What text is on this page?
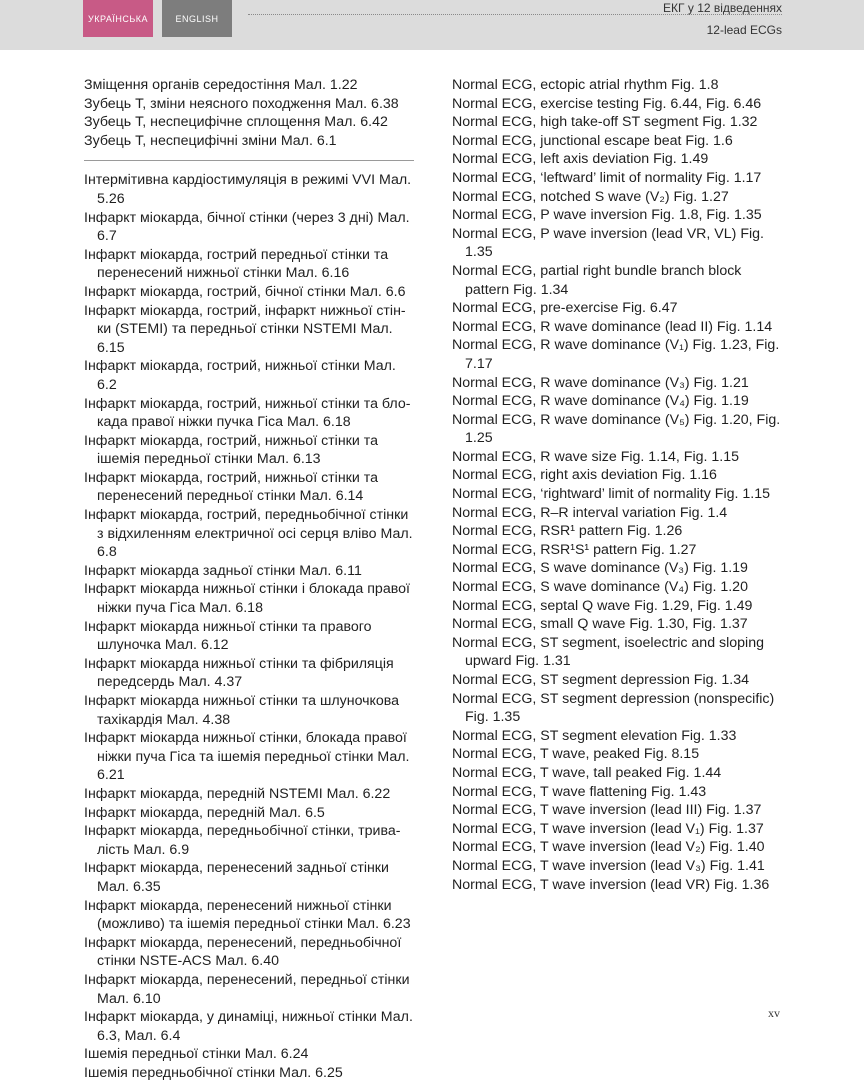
УКРАЇНСЬКА	ENGLISH
ЕКГ у 12 відведеннях
12-lead ECGs

Зміщення органів середостіння Мал. 1.22

Зубець Т, зміни неясного походження Мал. 6.38

Зубець Т, неспецифічне сплощення Мал. 6.42

Зубець Т, неспецифічні зміни Мал. 6.1

Інтермітивна кардіостимуляція в режимі VVI Мал. 5.26

Інфаркт міокарда, бічної стінки (через 3 дні) Мал. 6.7

Інфаркт міокарда, гострий передньої стінки та перенесений нижньої стінки Мал. 6.16

Інфаркт міокарда, гострий, бічної стінки Мал. 6.6

Інфаркт міокарда, гострий, інфаркт нижньої стін-ки (STEMI) та передньої стінки NSTEMI Мал. 6.15

Інфаркт міокарда, гострий, нижньої стінки Мал. 6.2

Інфаркт міокарда, гострий, нижньої стінки та бло-када правої ніжки пучка Гіса Мал. 6.18

Інфаркт міокарда, гострий, нижньої стінки та ішемія передньої стінки Мал. 6.13

Інфаркт міокарда, гострий, нижньої стінки та перенесений передньої стінки Мал. 6.14

Інфаркт міокарда, гострий, передньобічної стінки з відхиленням електричної осі серця вліво Мал. 6.8

Інфаркт міокарда задньої стінки Мал. 6.11

Інфаркт міокарда нижньої стінки і блокада правої ніжки пуча Гіса Мал. 6.18

Інфаркт міокарда нижньої стінки та правого шлуночка Мал. 6.12

Інфаркт міокарда нижньої стінки та фібриляція передсердь Мал. 4.37

Інфаркт міокарда нижньої стінки та шлуночкова тахікардія Мал. 4.38

Інфаркт міокарда нижньої стінки, блокада правої ніжки пуча Гіса та ішемія передньої стінки Мал. 6.21

Інфаркт міокарда, передній NSTEMI Мал. 6.22

Інфаркт міокарда, передній Мал. 6.5

Інфаркт міокарда, передньобічної стінки, трива-лість Мал. 6.9

Інфаркт міокарда, перенесений задньої стінки Мал. 6.35

Інфаркт міокарда, перенесений нижньої стінки (можливо) та ішемія передньої стінки Мал. 6.23

Інфаркт міокарда, перенесений, передньобічної стінки NSTE-ACS Мал. 6.40

Інфаркт міокарда, перенесений, передньої стінки Мал. 6.10

Інфаркт міокарда, у динаміці, нижньої стінки Мал. 6.3, Мал. 6.4

Ішемія передньої стінки Мал. 6.24

Ішемія передньобічної стінки Мал. 6.25

Normal ECG, ectopic atrial rhythm Fig. 1.8

Normal ECG, exercise testing Fig. 6.44, Fig. 6.46

Normal ECG, high take-off ST segment Fig. 1.32

Normal ECG, junctional escape beat Fig. 1.6

Normal ECG, left axis deviation Fig. 1.49

Normal ECG, ‘leftward’ limit of normality Fig. 1.17

Normal ECG, notched S wave (V₂) Fig. 1.27

Normal ECG, P wave inversion Fig. 1.8, Fig. 1.35

Normal ECG, P wave inversion (lead VR, VL) Fig. 1.35

Normal ECG, partial right bundle branch block pattern Fig. 1.34

Normal ECG, pre-exercise Fig. 6.47

Normal ECG, R wave dominance (lead II) Fig. 1.14

Normal ECG, R wave dominance (V₁) Fig. 1.23, Fig. 7.17

Normal ECG, R wave dominance (V₃) Fig. 1.21

Normal ECG, R wave dominance (V₄) Fig. 1.19

Normal ECG, R wave dominance (V₅) Fig. 1.20, Fig. 1.25

Normal ECG, R wave size Fig. 1.14, Fig. 1.15

Normal ECG, right axis deviation Fig. 1.16

Normal ECG, ‘rightward’ limit of normality Fig. 1.15

Normal ECG, R–R interval variation Fig. 1.4

Normal ECG, RSR¹ pattern Fig. 1.26

Normal ECG, RSR¹S¹ pattern Fig. 1.27

Normal ECG, S wave dominance (V₃) Fig. 1.19

Normal ECG, S wave dominance (V₄) Fig. 1.20

Normal ECG, septal Q wave Fig. 1.29, Fig. 1.49

Normal ECG, small Q wave Fig. 1.30, Fig. 1.37

Normal ECG, ST segment, isoelectric and sloping upward Fig. 1.31

Normal ECG, ST segment depression Fig. 1.34

Normal ECG, ST segment depression (nonspecific) Fig. 1.35

Normal ECG, ST segment elevation Fig. 1.33

Normal ECG, T wave, peaked Fig. 8.15

Normal ECG, T wave, tall peaked Fig. 1.44

Normal ECG, T wave flattening Fig. 1.43

Normal ECG, T wave inversion (lead III) Fig. 1.37

Normal ECG, T wave inversion (lead V₁) Fig. 1.37

Normal ECG, T wave inversion (lead V₂) Fig. 1.40

Normal ECG, T wave inversion (lead V₃) Fig. 1.41

Normal ECG, T wave inversion (lead VR) Fig. 1.36

xv
